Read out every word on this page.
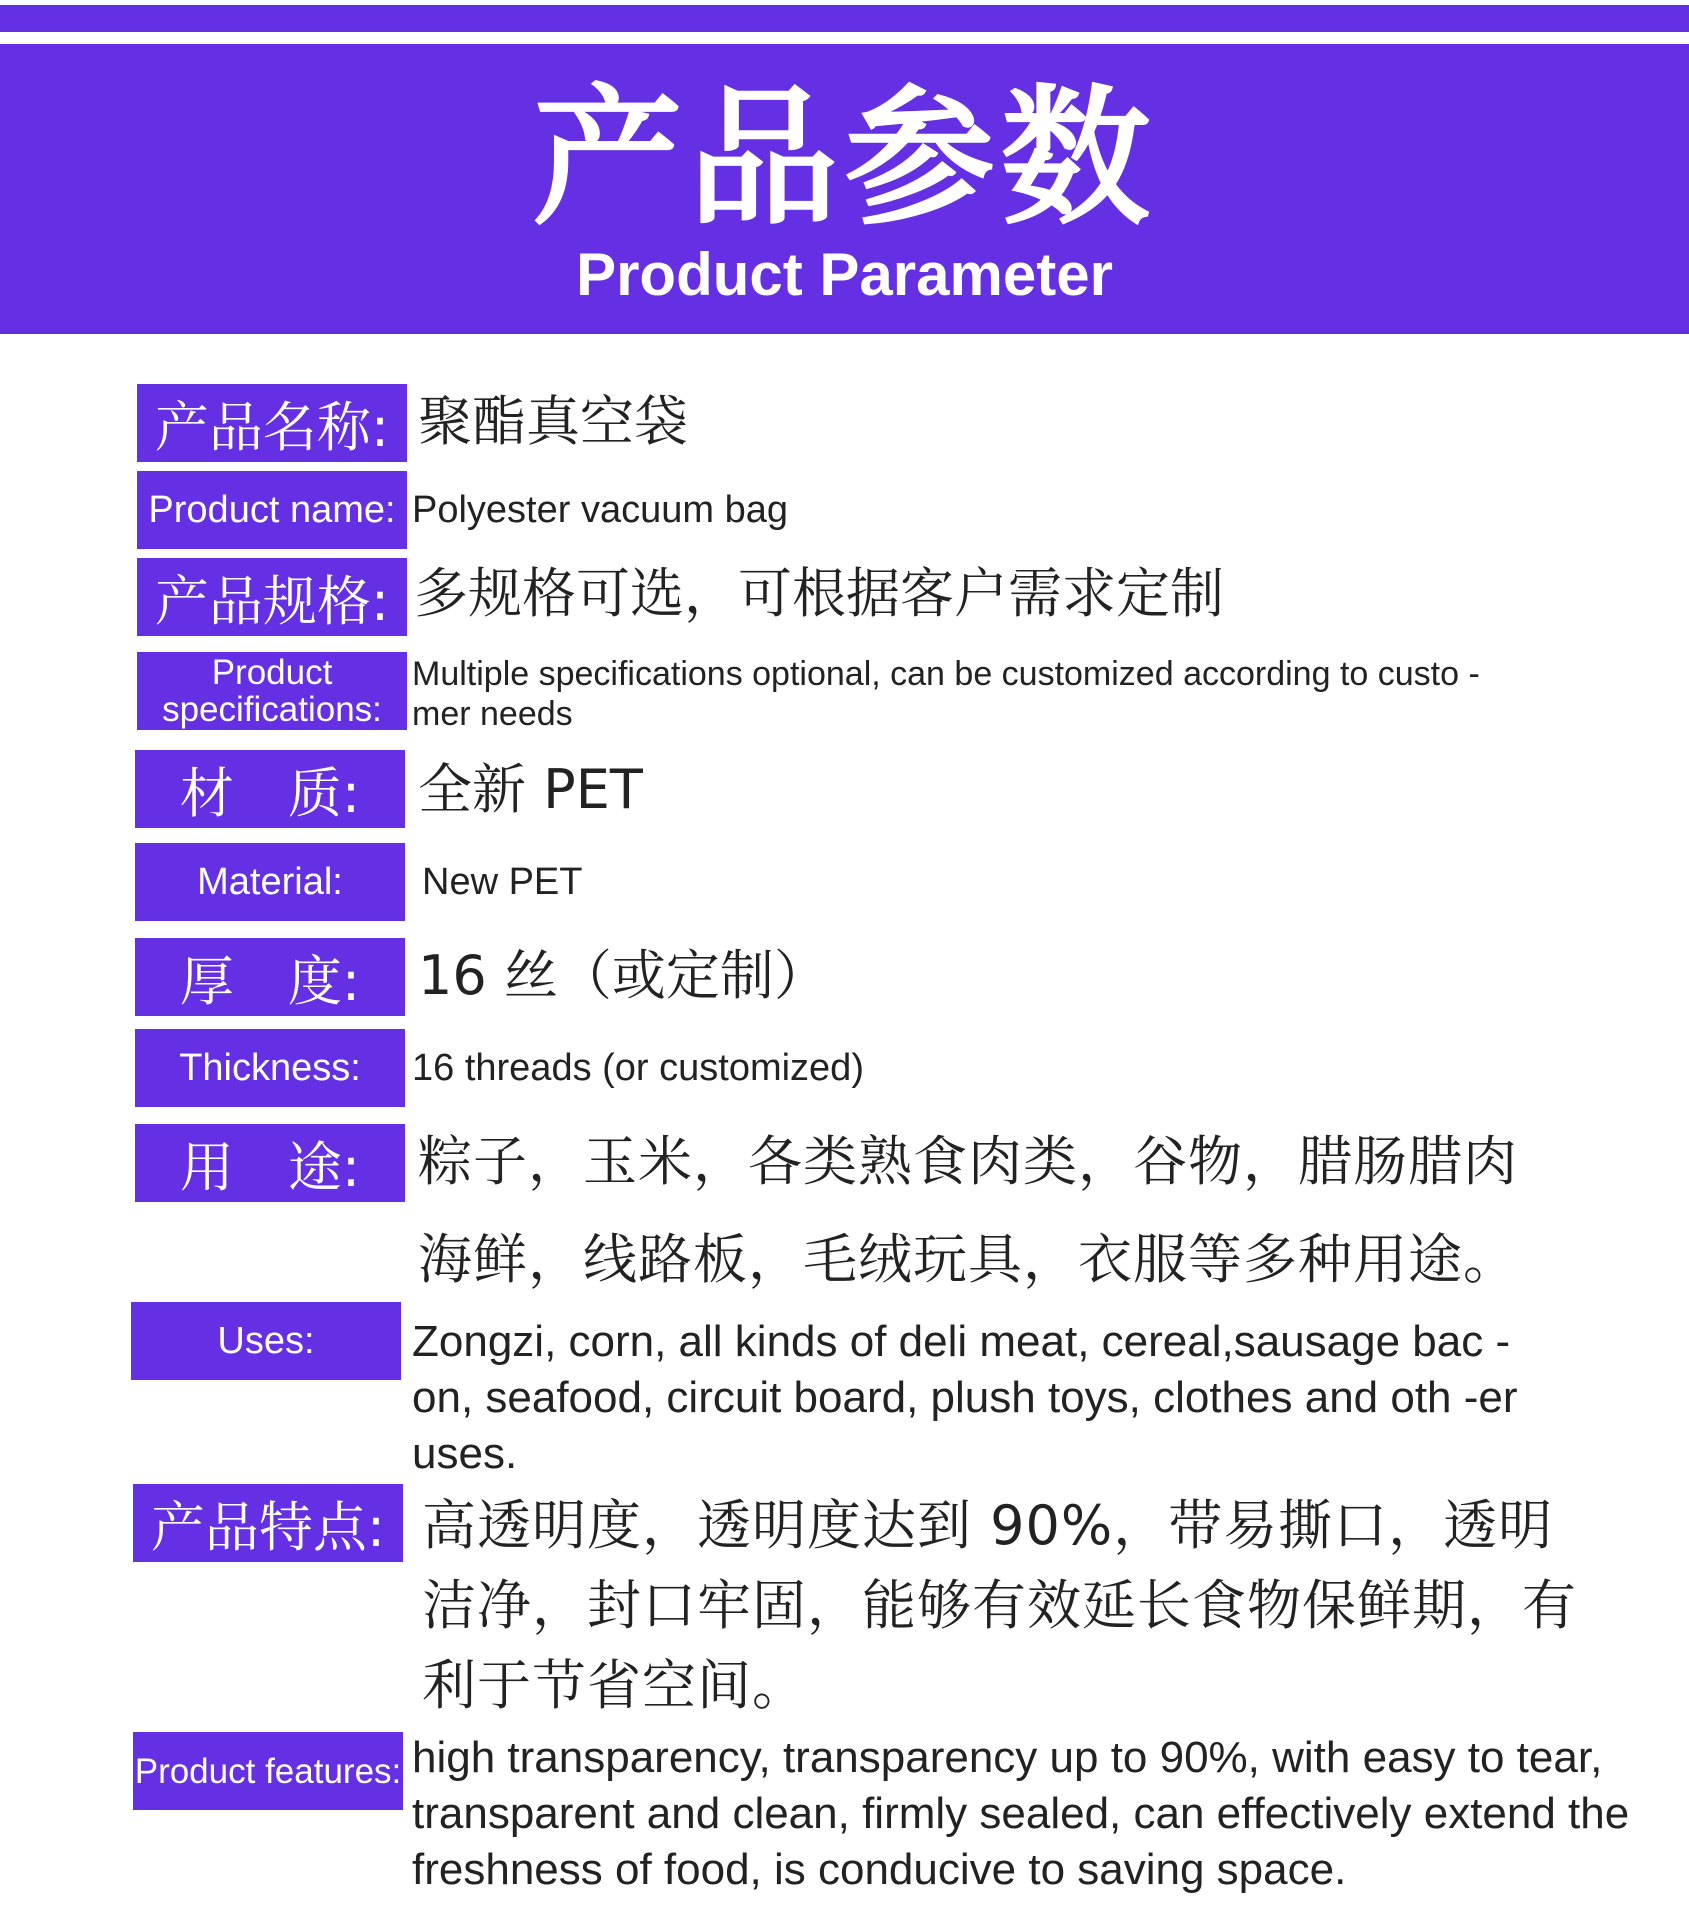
产品参数
Product Parameter
产品名称: 聚酯真空袋
Product name: Polyester vacuum bag
产品规格: 多规格可选，可根据客户需求定制
Product specifications:
Multiple specifications optional, can be customized according to custo -mer needs
材　质:	全新 PET
Material:	New PET
厚　度:	16 丝（或定制）
Thickness:	16 threads (or customized)
用　途:	粽子，玉米，各类熟食肉类，谷物，腊肠腊肉 海鲜，线路板，毛绒玩具，衣服等多种用途。
Uses:	Zongzi, corn, all kinds of deli meat, cereal,sausage bac -on, seafood, circuit board, plush toys, clothes and oth -er uses.
产品特点: 高透明度，透明度达到 90%，带易撕口，透明 洁净，封口牢固，能够有效延长食物保鲜期，有利于节省空间。
Product features: high transparency, transparency up to 90%, with easy to tear, transparent and clean, firmly sealed, can effectively extend the freshness of food, is conducive to saving space.
